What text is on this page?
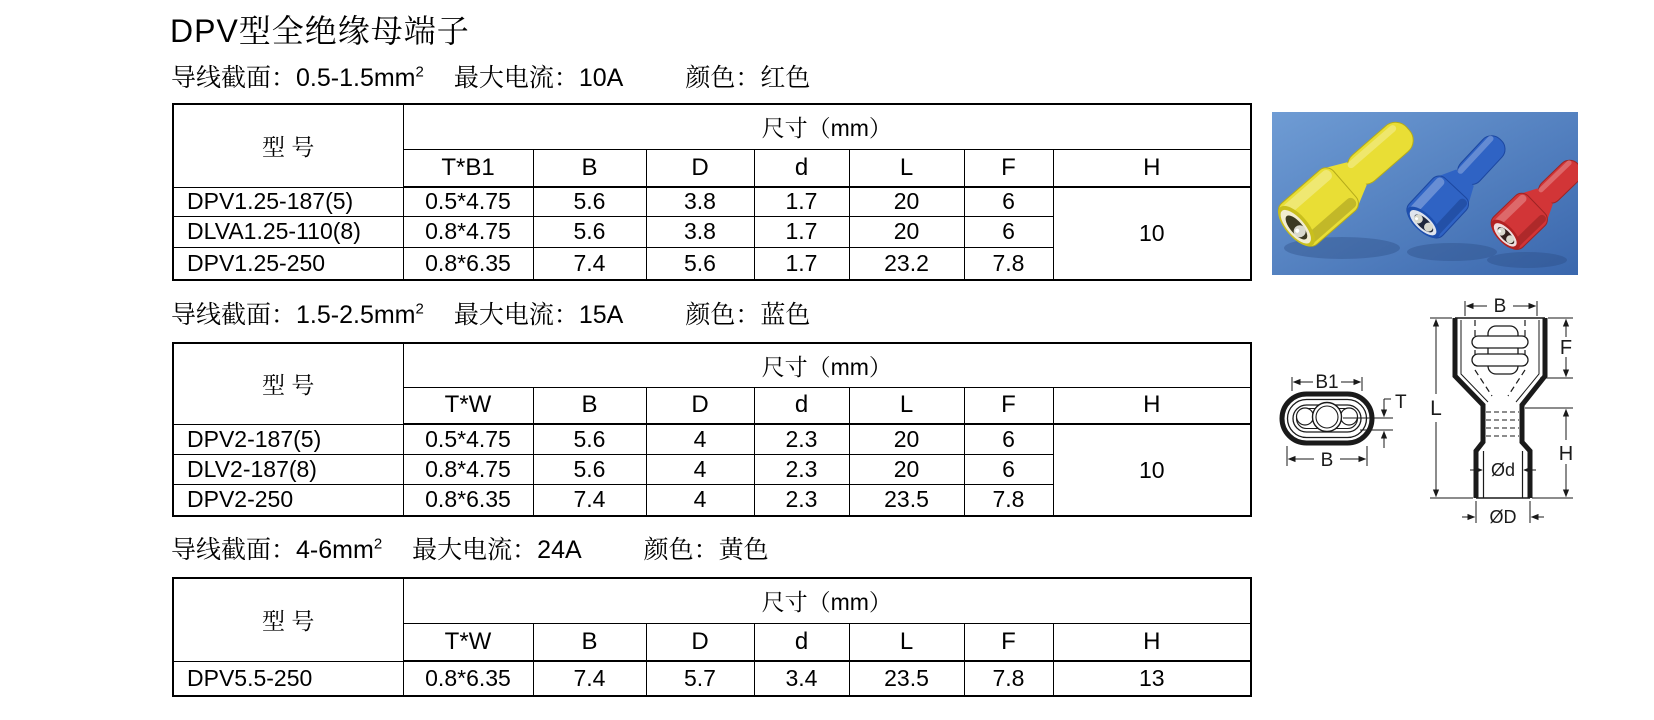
DPV型全绝缘母端子
导线截面：$0.5-1.5mm^2$ 最大电流：10A 颜色：红色
型 号	尺寸（mm）						
	T*B1	B	D	d	L	F	H
DPV1.25-187(5)	0.5*4.75	5.6	3.8	1.7	20	6	10
DLVA1.25-110(8)	0.8*4.75	5.6	3.8	1.7	20	6	
DPV1.25-250	0.8*6.35	7.4	5.6	1.7	23.2	7.8	
导线截面：$1.5-2.5mm^2$ 最大电流：15A 颜色：蓝色
型 号	尺寸（mm）						
	T*W	B	D	d	L	F	H
DPV2-187(5)	0.5*4.75	5.6	4	2.3	20	6	10
DLV2-187(8)	0.8*4.75	5.6	4	2.3	20	6	
DPV2-250	0.8*6.35	7.4	4	2.3	23.5	7.8	
导线截面：$4-6mm^2$ 最大电流：24A 颜色：黄色
型 号	尺寸（mm）						
	T*W	B	D	d	L	F	H
DPV5.5-250	0.8*6.35	7.4	5.7	3.4	23.5	7.8	13
B1
B
T
B
L
F
H
Ød
ØD
